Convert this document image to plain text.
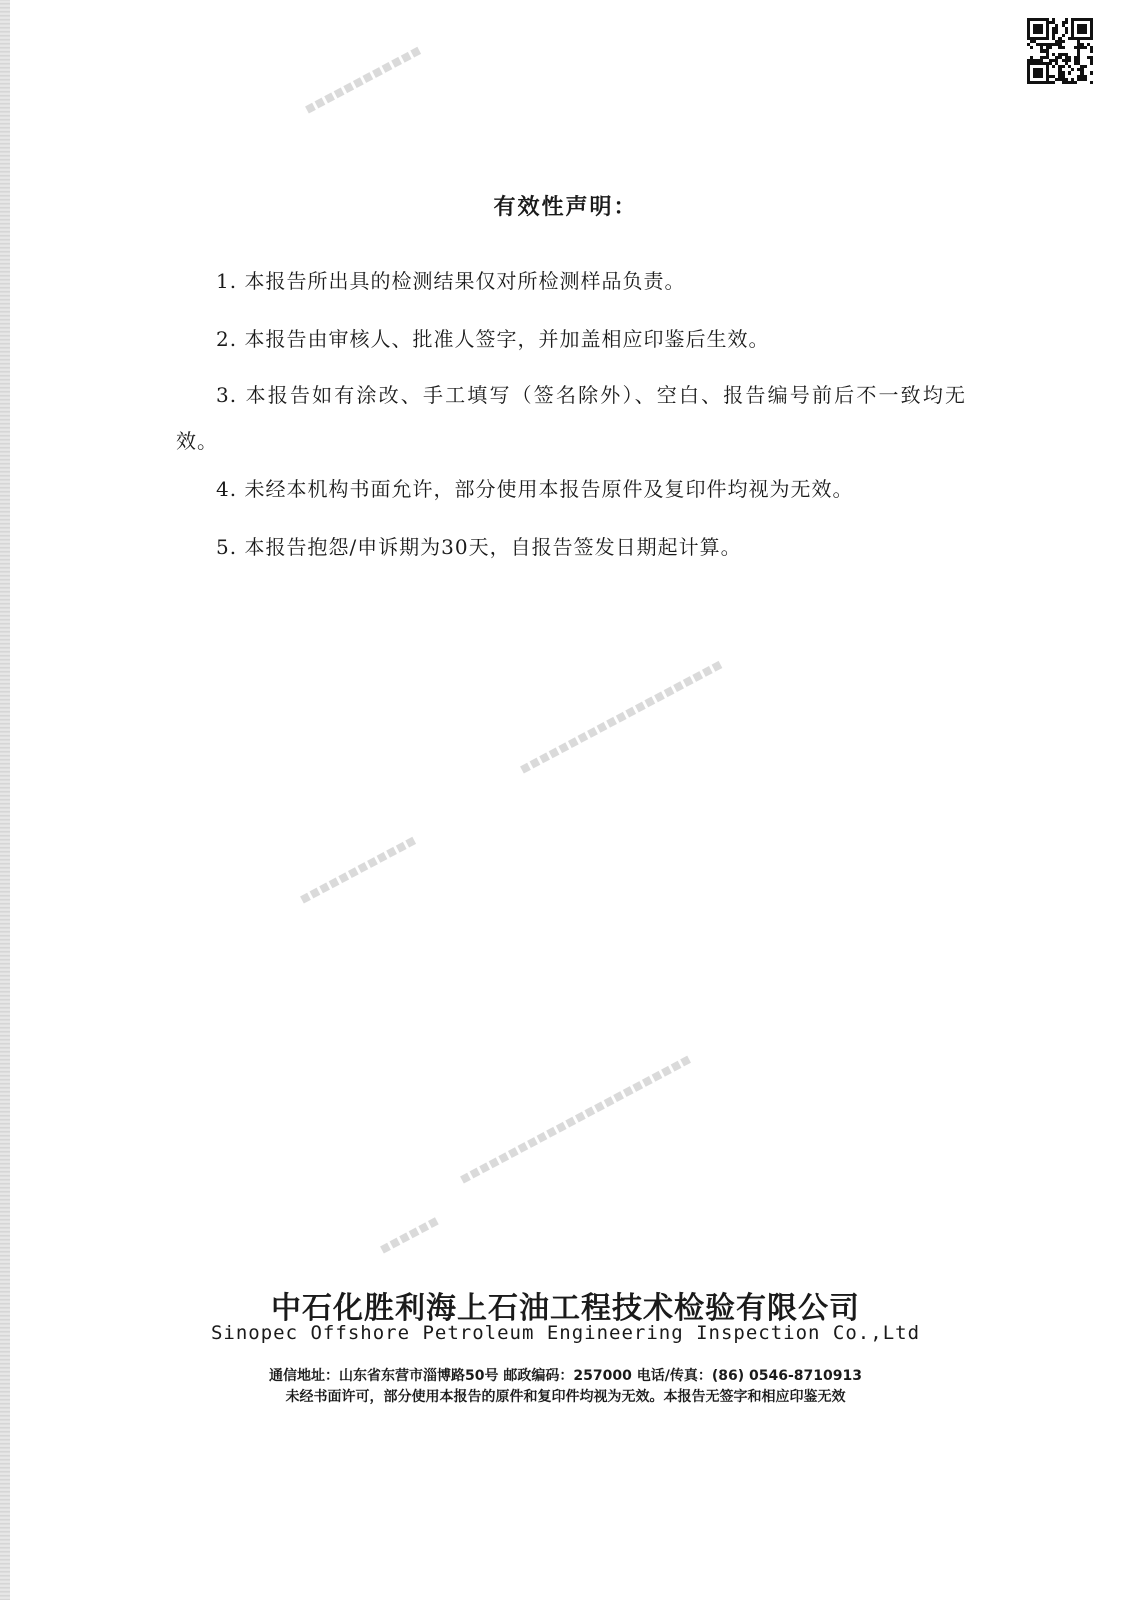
▪▪▪▪▪▪▪▪▪▪▪▪
▪▪▪▪▪▪▪▪▪▪▪▪▪▪▪▪▪▪▪▪▪
▪▪▪▪▪▪▪▪▪▪▪▪
▪▪▪▪▪▪▪▪▪▪▪▪▪▪▪▪▪▪▪▪▪▪▪▪
▪▪▪▪▪▪
有效性声明：
1. 本报告所出具的检测结果仅对所检测样品负责。
2. 本报告由审核人、批准人签字，并加盖相应印鉴后生效。
3. 本报告如有涂改、手工填写（签名除外）、空白、报告编号前后不一致均无效。
4. 未经本机构书面允许，部分使用本报告原件及复印件均视为无效。
5. 本报告抱怨/申诉期为30天，自报告签发日期起计算。
中石化胜利海上石油工程技术检验有限公司
Sinopec Offshore Petroleum Engineering Inspection Co.,Ltd
通信地址：山东省东营市淄博路50号 邮政编码：257000 电话/传真：(86) 0546-8710913
未经书面许可，部分使用本报告的原件和复印件均视为无效。本报告无签字和相应印鉴无效
